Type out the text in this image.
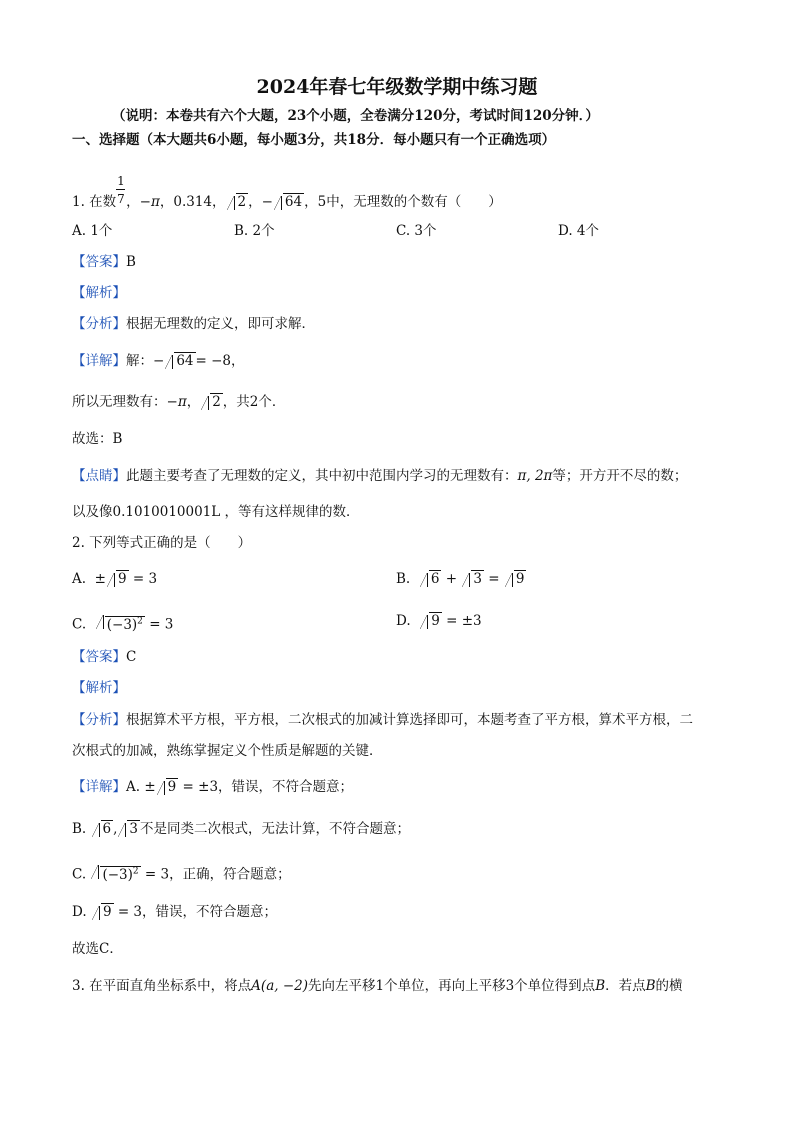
2024年春七年级数学期中练习题
（说明：本卷共有六个大题，23个小题，全卷满分120分，考试时间120分钟．）
一、选择题（本大题共6小题，每小题3分，共18分．每小题只有一个正确选项）
1. 在数 $\frac{1}{7}$ ，−π，0.314， 2 ，− 64 ，5中，无理数的个数有（　　）
A. 1个	B. 2个	C. 3个	D. 4个
【答案】B
【解析】
【分析】根据无理数的定义，即可求解．
【详解】解：− 64 = −8，
所以无理数有：−π， 2 ，共2个．
故选：B
【点睛】此题主要考查了无理数的定义，其中初中范围内学习的无理数有：π, 2π等；开方开不尽的数；
以及像0.1010010001L ，等有这样规律的数．
2. 下列等式正确的是（　　）
A. ± 9 = 3	B. 6 + 3 = 9
C. $(-3)^2 = 3$	D. 9 = ±3
【答案】C
【解析】
【分析】根据算术平方根，平方根，二次根式的加减计算选择即可，本题考查了平方根，算术平方根，二
次根式的加减，熟练掌握定义个性质是解题的关键．
【详解】A. ± 9 = ±3，错误，不符合题意；
B. 6 , 3 不是同类二次根式，无法计算，不符合题意；
C. $(-3)^2 = 3$，正确，符合题意；
D. 9 = 3，错误，不符合题意；
故选C．
3. 在平面直角坐标系中，将点A(a, −2)先向左平移1个单位，再向上平移3个单位得到点B．若点B的横
